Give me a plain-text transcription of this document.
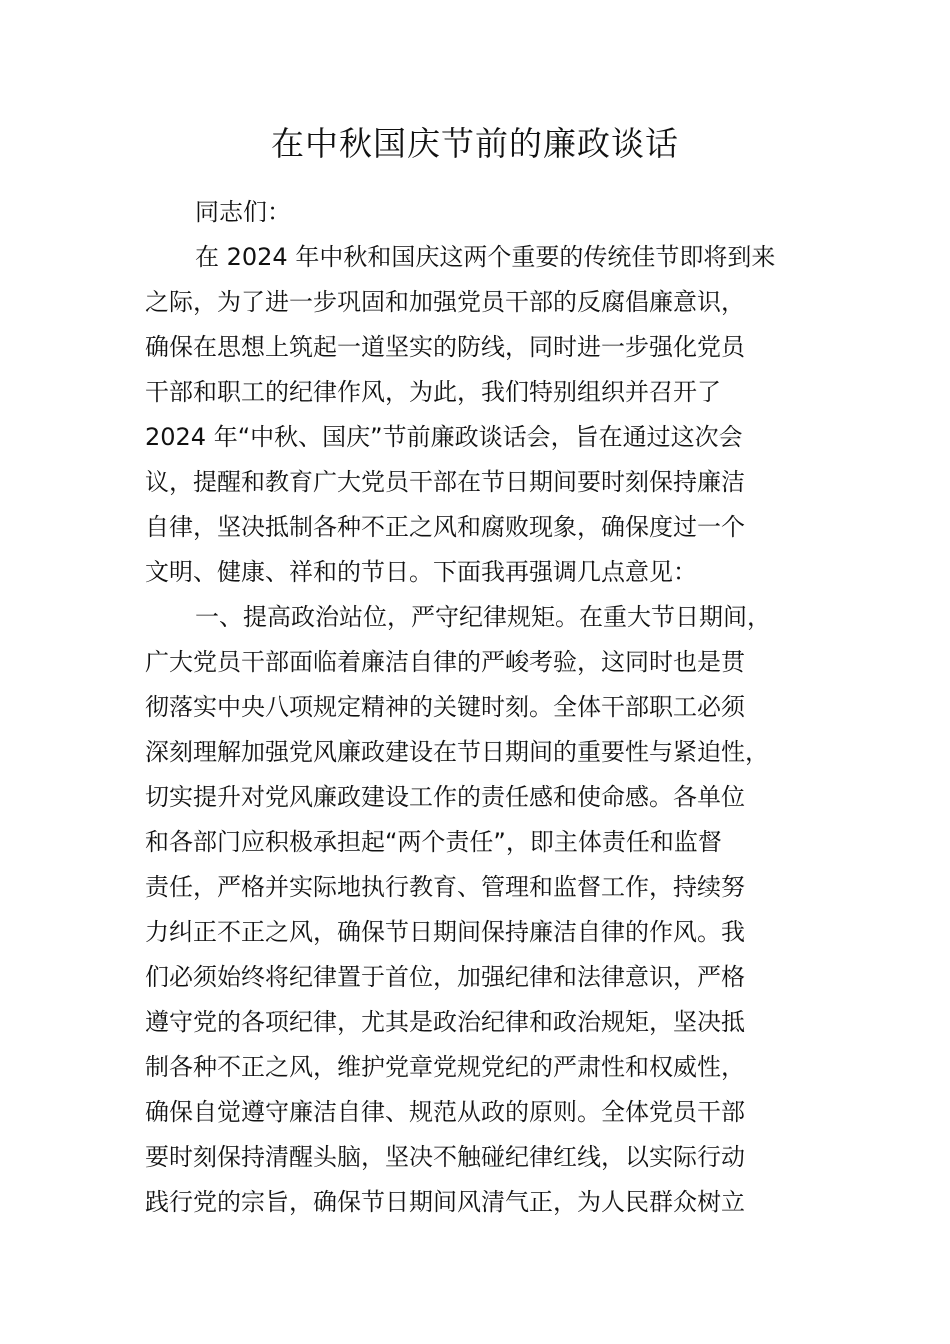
在中秋国庆节前的廉政谈话
同志们：
在 2024 年中秋和国庆这两个重要的传统佳节即将到来
之际，为了进一步巩固和加强党员干部的反腐倡廉意识，
确保在思想上筑起一道坚实的防线，同时进一步强化党员
干部和职工的纪律作风，为此，我们特别组织并召开了
2024 年“中秋、国庆”节前廉政谈话会，旨在通过这次会
议，提醒和教育广大党员干部在节日期间要时刻保持廉洁
自律，坚决抵制各种不正之风和腐败现象，确保度过一个
文明、健康、祥和的节日。下面我再强调几点意见：
一、提高政治站位，严守纪律规矩。在重大节日期间，
广大党员干部面临着廉洁自律的严峻考验，这同时也是贯
彻落实中央八项规定精神的关键时刻。全体干部职工必须
深刻理解加强党风廉政建设在节日期间的重要性与紧迫性，
切实提升对党风廉政建设工作的责任感和使命感。各单位
和各部门应积极承担起“两个责任”，即主体责任和监督
责任，严格并实际地执行教育、管理和监督工作，持续努
力纠正不正之风，确保节日期间保持廉洁自律的作风。我
们必须始终将纪律置于首位，加强纪律和法律意识，严格
遵守党的各项纪律，尤其是政治纪律和政治规矩，坚决抵
制各种不正之风，维护党章党规党纪的严肃性和权威性，
确保自觉遵守廉洁自律、规范从政的原则。全体党员干部
要时刻保持清醒头脑，坚决不触碰纪律红线，以实际行动
践行党的宗旨，确保节日期间风清气正，为人民群众树立
